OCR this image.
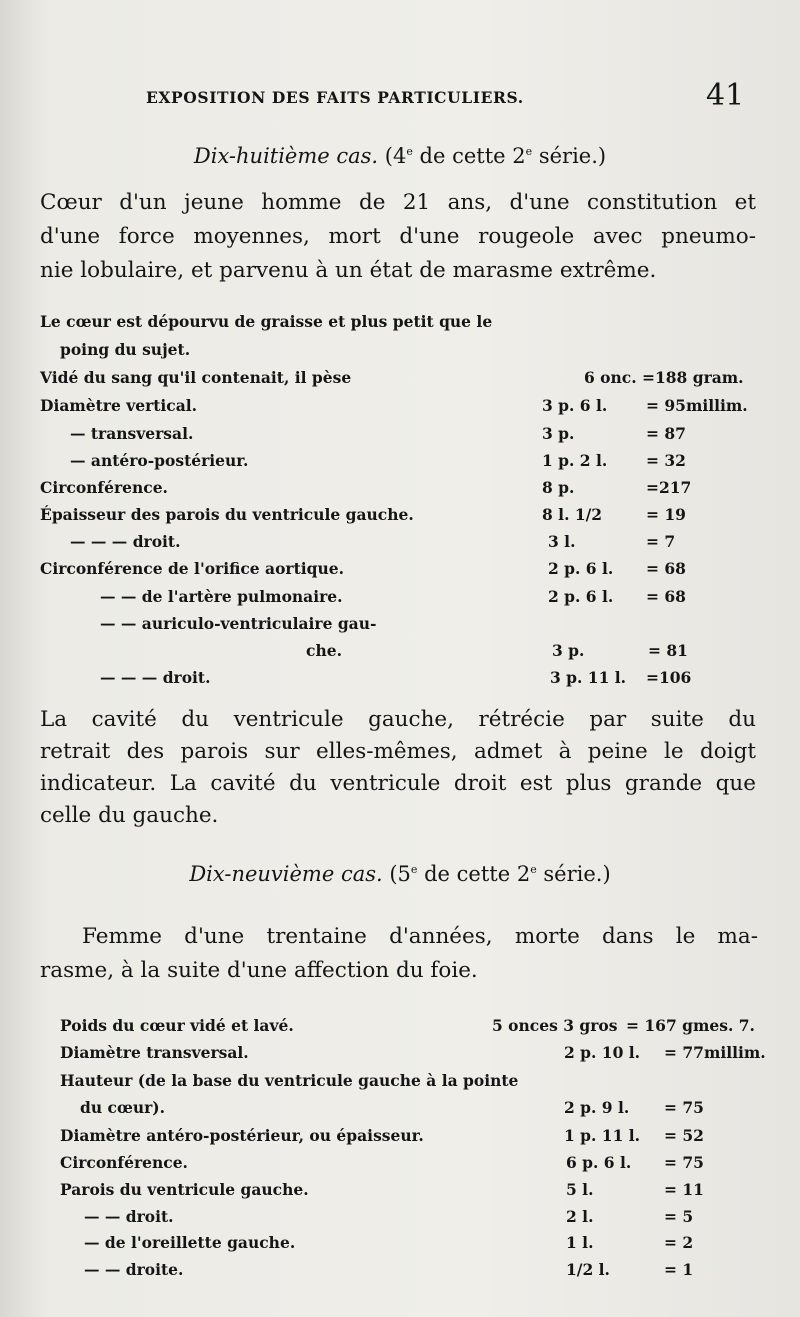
EXPOSITION DES FAITS PARTICULIERS.	41
Dix-huitième cas. (4e de cette 2e série.)
Cœur d'un jeune homme de 21 ans, d'une constitution et
d'une force moyennes, mort d'une rougeole avec pneumo-
nie lobulaire, et parvenu à un état de marasme extrême.
Le cœur est dépourvu de graisse et plus petit que le
poing du sujet.
Vidé du sang qu'il contenait, il pèse	6 onc. =188 gram.
Diamètre vertical.	3 p. 6 l. = 95millim.
— transversal.	3 p.	= 87
— antéro-postérieur.	1 p. 2 l. = 32
Circonférence.	8 p.	=217
Épaisseur des parois du ventricule gauche.	8 l. 1/2	= 19
— — — droit.	3 l.	= 7
Circonférence de l'orifice aortique.	2 p. 6 l. = 68
— — de l'artère pulmonaire.	2 p. 6 l. = 68
— — auriculo-ventriculaire gau-
che.	3 p.	= 81
— — — droit.	3 p. 11 l. =106
La cavité du ventricule gauche, rétrécie par suite du
retrait des parois sur elles-mêmes, admet à peine le doigt
indicateur. La cavité du ventricule droit est plus grande que
celle du gauche.
Dix-neuvième cas. (5e de cette 2e série.)
Femme d'une trentaine d'années, morte dans le ma-
rasme, à la suite d'une affection du foie.
Poids du cœur vidé et lavé.	5 onces 3 gros = 167 gmes. 7.
Diamètre transversal.	2 p. 10 l. = 77millim.
Hauteur (de la base du ventricule gauche à la pointe
du cœur).	2 p. 9 l. = 75
Diamètre antéro-postérieur, ou épaisseur.	1 p. 11 l. = 52
Circonférence.	6 p. 6 l. = 75
Parois du ventricule gauche.	5 l.	= 11
— — droit.	2 l.	= 5
— de l'oreillette gauche.	1 l.	= 2
— — droite.	1/2 l.	= 1
